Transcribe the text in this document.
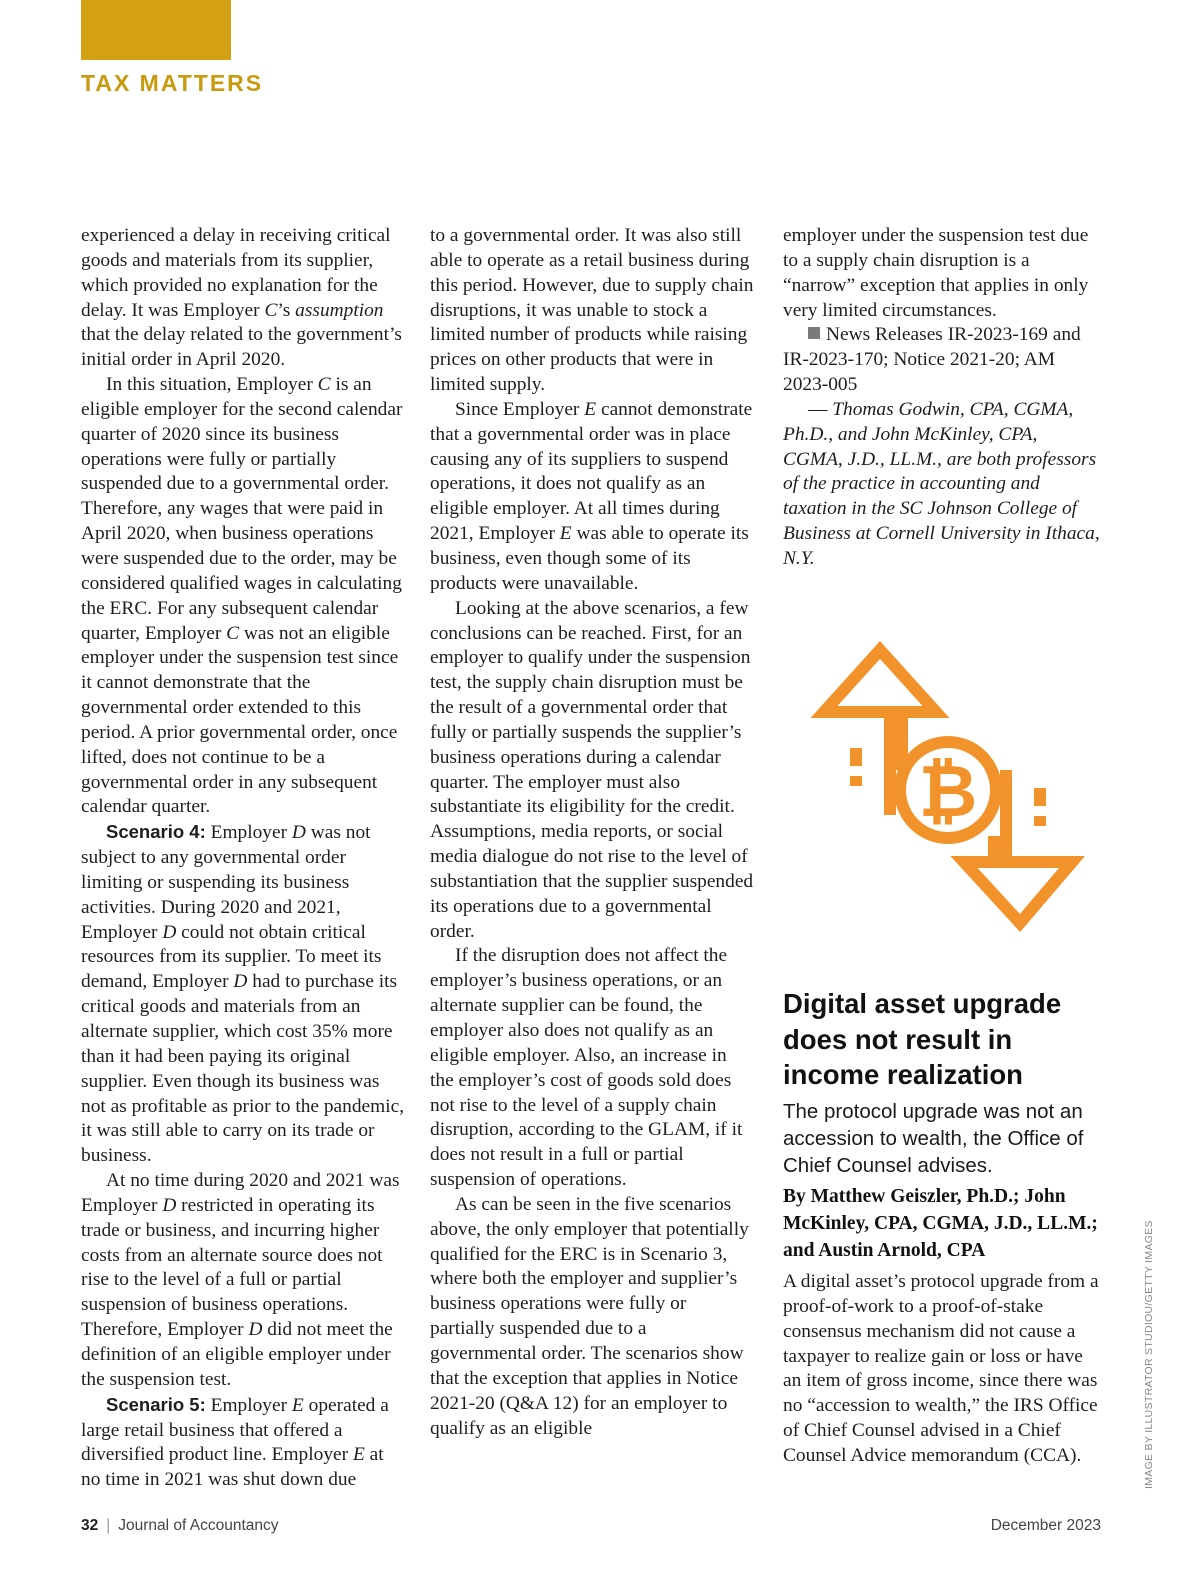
TAX MATTERS

experienced a delay in receiving critical goods and materials from its supplier, which provided no explanation for the delay. It was Employer C’s assumption that the delay related to the government’s initial order in April 2020.

In this situation, Employer C is an eligible employer for the second calendar quarter of 2020 since its business operations were fully or partially suspended due to a governmental order. Therefore, any wages that were paid in April 2020, when business operations were suspended due to the order, may be considered qualified wages in calculating the ERC. For any subsequent calendar quarter, Employer C was not an eligible employer under the suspension test since it cannot demonstrate that the governmental order extended to this period. A prior governmental order, once lifted, does not continue to be a governmental order in any subsequent calendar quarter.

Scenario 4: Employer D was not subject to any governmental order limiting or suspending its business activities. During 2020 and 2021, Employer D could not obtain critical resources from its supplier. To meet its demand, Employer D had to purchase its critical goods and materials from an alternate supplier, which cost 35% more than it had been paying its original supplier. Even though its business was not as profitable as prior to the pandemic, it was still able to carry on its trade or business.

At no time during 2020 and 2021 was Employer D restricted in operating its trade or business, and incurring higher costs from an alternate source does not rise to the level of a full or partial suspension of business operations. Therefore, Employer D did not meet the definition of an eligible employer under the suspension test.

Scenario 5: Employer E operated a large retail business that offered a diversified product line. Employer E at no time in 2021 was shut down due

to a governmental order. It was also still able to operate as a retail business during this period. However, due to supply chain disruptions, it was unable to stock a limited number of products while raising prices on other products that were in limited supply.

Since Employer E cannot demonstrate that a governmental order was in place causing any of its suppliers to suspend operations, it does not qualify as an eligible employer. At all times during 2021, Employer E was able to operate its business, even though some of its products were unavailable.

Looking at the above scenarios, a few conclusions can be reached. First, for an employer to qualify under the suspension test, the supply chain disruption must be the result of a governmental order that fully or partially suspends the supplier’s business operations during a calendar quarter. The employer must also substantiate its eligibility for the credit. Assumptions, media reports, or social media dialogue do not rise to the level of substantiation that the supplier suspended its operations due to a governmental order.

If the disruption does not affect the employer’s business operations, or an alternate supplier can be found, the employer also does not qualify as an eligible employer. Also, an increase in the employer’s cost of goods sold does not rise to the level of a supply chain disruption, according to the GLAM, if it does not result in a full or partial suspension of operations.

As can be seen in the five scenarios above, the only employer that potentially qualified for the ERC is in Scenario 3, where both the employer and supplier’s business operations were fully or partially suspended due to a governmental order. The scenarios show that the exception that applies in Notice 2021-20 (Q&A 12) for an employer to qualify as an eligible

employer under the suspension test due to a supply chain disruption is a “narrow” exception that applies in only very limited circumstances.

News Releases IR-2023-169 and IR-2023-170; Notice 2021-20; AM 2023-005

— Thomas Godwin, CPA, CGMA, Ph.D., and John McKinley, CPA, CGMA, J.D., LL.M., are both professors of the practice in accounting and taxation in the SC Johnson College of Business at Cornell University in Ithaca, N.Y.

₿
Digital asset upgrade does not result in income realization
The protocol upgrade was not an accession to wealth, the Office of Chief Counsel advises.
By Matthew Geiszler, Ph.D.; John McKinley, CPA, CGMA, J.D., LL.M.; and Austin Arnold, CPA
A digital asset’s protocol upgrade from a proof-of-work to a proof-of-stake consensus mechanism did not cause a taxpayer to realize gain or loss or have an item of gross income, since there was no “accession to wealth,” the IRS Office of Chief Counsel advised in a Chief Counsel Advice memorandum (CCA).	IMAGE BY ILLUSTRATOR STUDIOU/GETTY IMAGES
32 | Journal of Accountancy	December 2023
